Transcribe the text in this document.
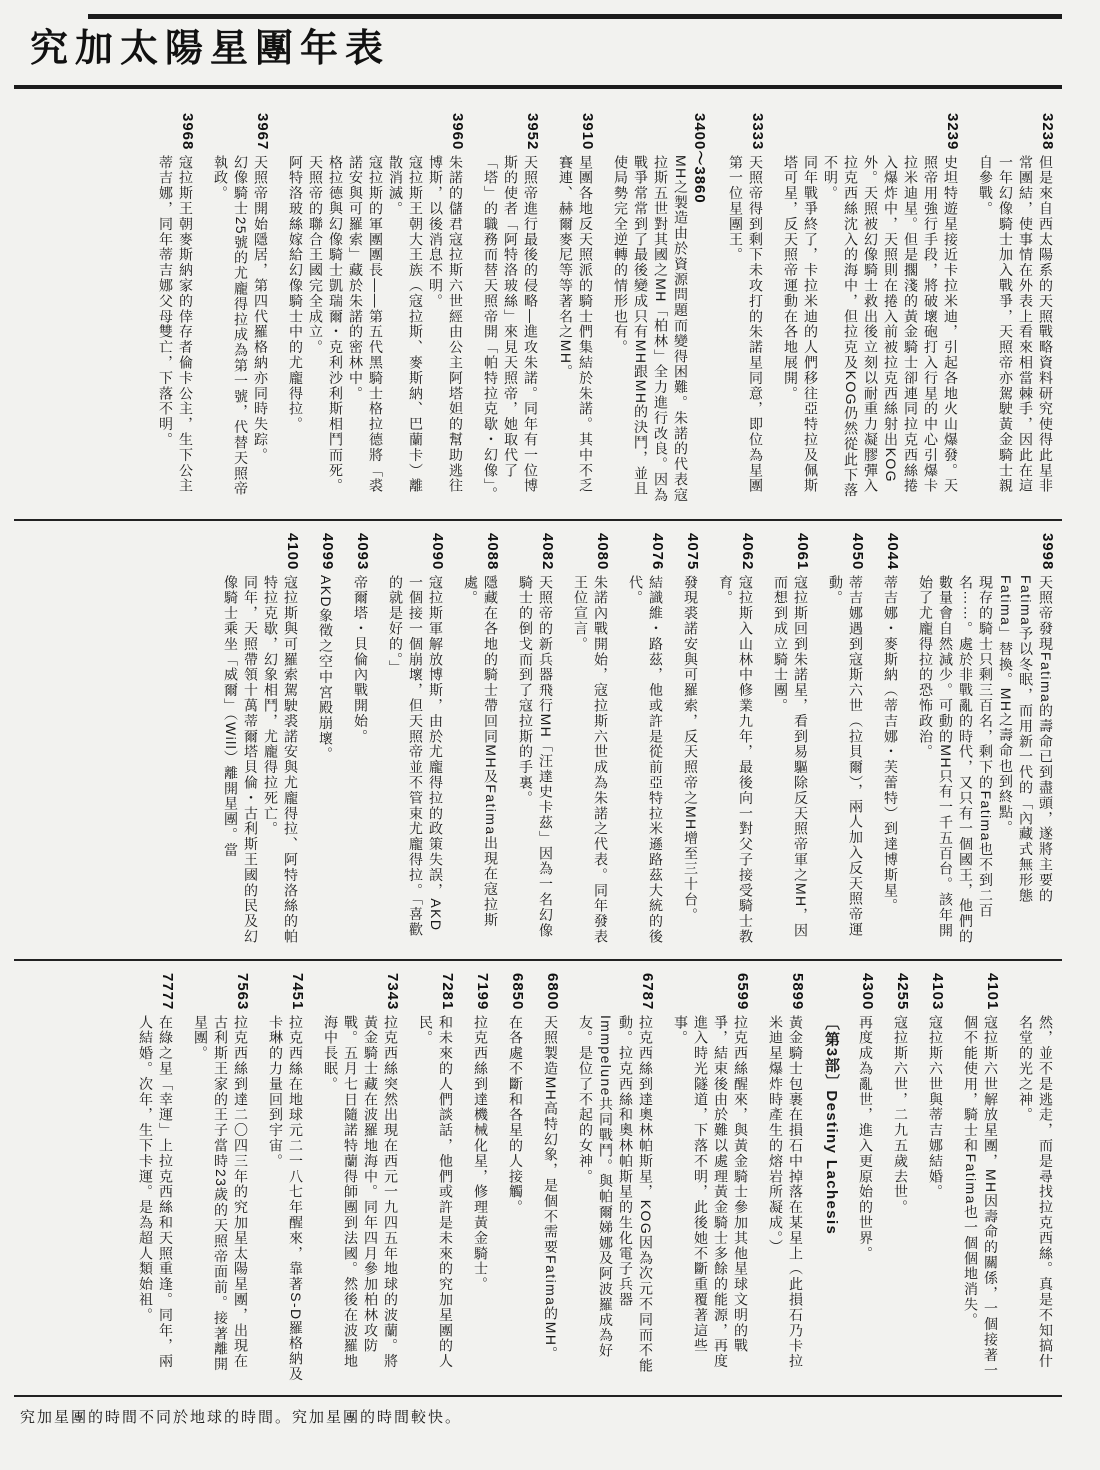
究加太陽星團年表
3238

但是來自西太陽系的天照戰略資料研究使得此星非常團結，使事情在外表上看來相當棘手，因此在這一年幻像騎士加入戰爭，天照帝亦駕駛黃金騎士親自參戰。

3239

史坦特遊星接近卡拉米迪，引起各地火山爆發。天照帝用強行手段，將破壞砲打入行星的中心引爆卡拉米迪星。但是擱淺的黃金騎士卻連同拉克西絲捲入爆炸中，天照則在捲入前被拉克西絲射出KOG外。天照被幻像騎士救出後立刻以耐重力凝膠彈入拉克西絲沈入的海中，但拉克及KOG仍然從此下落不明。

同年戰爭終了，卡拉米迪的人們移往亞特拉及佩斯塔可星，反天照帝運動在各地展開。

3333

天照帝得到剩下未攻打的朱諾星同意，即位為星團第一位星團王。

3400〜3860

MH之製造由於資源問題而變得困難。朱諾的代表寇拉斯五世對其國之MH「柏林」全力進行改良。因為戰爭常常到了最後變成只有MH跟MH的決鬥，並且使局勢完全逆轉的情形也有。

3910

星團各地反天照派的騎士們集結於朱諾。其中不乏賽連、赫爾麥尼等等著名之MH。

3952

天照帝進行最後的侵略—進攻朱諾。同年有一位博斯的使者「阿特洛玻絲」來見天照帝，她取代了「塔」的職務而替天照帝開「帕特拉克歇・幻像」。

3960

朱諾的儲君寇拉斯六世經由公主阿塔妲的幫助逃往博斯，以後消息不明。

寇拉斯王朝大王族（寇拉斯、麥斯納、巴蘭卡）離散消滅。

寇拉斯的軍團團長——第五代黑騎士格拉德將「裘諾安與可羅索」藏於朱諾的密林中。

格拉德與幻像騎士凱瑞爾・克利沙利斯相鬥而死。

天照帝的聯合王國完全成立。

阿特洛玻絲嫁給幻像騎士中的尤龐得拉。

3967

天照帝開始隱居，第四代羅格納亦同時失踪。

幻像騎士25號的尤龐得拉成為第一號，代替天照帝執政。

3968

寇拉斯王朝麥斯納家的倖存者倫卡公主，生下公主蒂吉娜，同年蒂吉娜父母雙亡，下落不明。

3998

天照帝發現Fatima的壽命已到盡頭，遂將主要的Fatima予以冬眠，而用新一代的「內藏式無形態Fatima」替換。MH之壽命也到終點。

現存的騎士只剩三百名，剩下的Fatima也不到二百名⋯⋯。處於非戰亂的時代，又只有一個國王，他們的數量會自然減少。可動的MH只有一千五百台。該年開始了尤龐得拉的恐怖政治。

4044

蒂吉娜・麥斯納（蒂吉娜・芙蕾特）到達博斯星。

4050

蒂吉娜遇到寇斯六世（拉貝爾），兩人加入反天照帝運動。

4061

寇拉斯回到朱諾星，看到易驅除反天照帝軍之MH，因而想到成立騎士團。

4062

寇拉斯入山林中修業九年，最後向一對父子接受騎士教育。

4075

發現裘諾安與可羅索，反天照帝之MH增至三十台。

4076

結識維・路茲，他或許是從前亞特拉米遜路茲大統的後代。

4080

朱諾內戰開始，寇拉斯六世成為朱諾之代表。同年發表王位宣言。

4082

天照帝的新兵器飛行MH「汪達史卡茲」因為一名幻像騎士的倒戈而到了寇拉斯的手裏。

4088

隱藏在各地的騎士帶回同MH及Fatima出現在寇拉斯處。

4090

寇拉斯軍解放博斯，由於尤龐得拉的政策失誤，AKD一個接一個崩壞，但天照帝並不管束尤龐得拉。「喜歡的就是好的。」

4093

帝爾塔・貝倫內戰開始。

4099

AKD象徵之空中宮殿崩壞。

4100

寇拉斯與可羅索駕駛裘諾安與尤龐得拉、阿特洛絲的帕特拉克歇，幻象相鬥，尤龐得拉死亡。

同年，天照帶領十萬蒂爾塔貝倫・古利斯王國的民及幻像騎士乘坐「威爾」（Will）離開星團。當

然，並不是逃走，而是尋找拉克西絲。真是不知搞什名堂的光之神。

4101

寇拉斯六世解放星團，MH因壽命的關係，一個接著一個不能使用，騎士和Fatima也一個個地消失。

4103

寇拉斯六世與蒂吉娜結婚。

4255

寇拉斯六世，二九五歲去世。

4300

再度成為亂世，進入更原始的世界。

〔第3部〕Destiny Lachesis

5899

黃金騎士包裹在損石中掉落在某星上（此損石乃卡拉米迪星爆炸時產生的熔岩所凝成。）

6599

拉克西絲醒來，與黃金騎士參加其他星球文明的戰爭，結束後由於難以處理黃金騎士多餘的能源，再度進入時光隧道，下落不明，此後她不斷重覆著這些事。

6787

拉克西絲到達奧林帕斯星，KOG因為次元不同而不能動。拉克西絲和奧林帕斯星的生化電子兵器Immpelune共同戰鬥。與帕爾娣娜及阿波羅成為好友。是位了不起的女神。

6800

天照製造MH高特幻象，是個不需要Fatima的MH。

6850

在各處不斷和各星的人接觸。

7199

拉克西絲到達機械化星，修理黃金騎士。

7281

和未來的人們談話，他們或許是未來的究加星團的人民。

7343

拉克西絲突然出現在西元一九四五年地球的波蘭。將黃金騎士藏在波羅地海中。同年四月參加柏林攻防戰。五月七日隨諾特蘭得師團到法國。然後在波羅地海中長眠。

7451

拉克西絲在地球元二一八七年醒來，靠著S-D羅格納及卡琳的力量回到宇宙。

7563

拉克西絲到達二〇四三年的究加星太陽星團，出現在古利斯王家的王子當時23歲的天照帝面前。接著離開星團。

7777

在綠之星「幸運」上拉克西絲和天照重逢。同年，兩人結婚。次年，生下卡運。是為超人類始祖。

究加星團的時間不同於地球的時間。究加星團的時間較快。
